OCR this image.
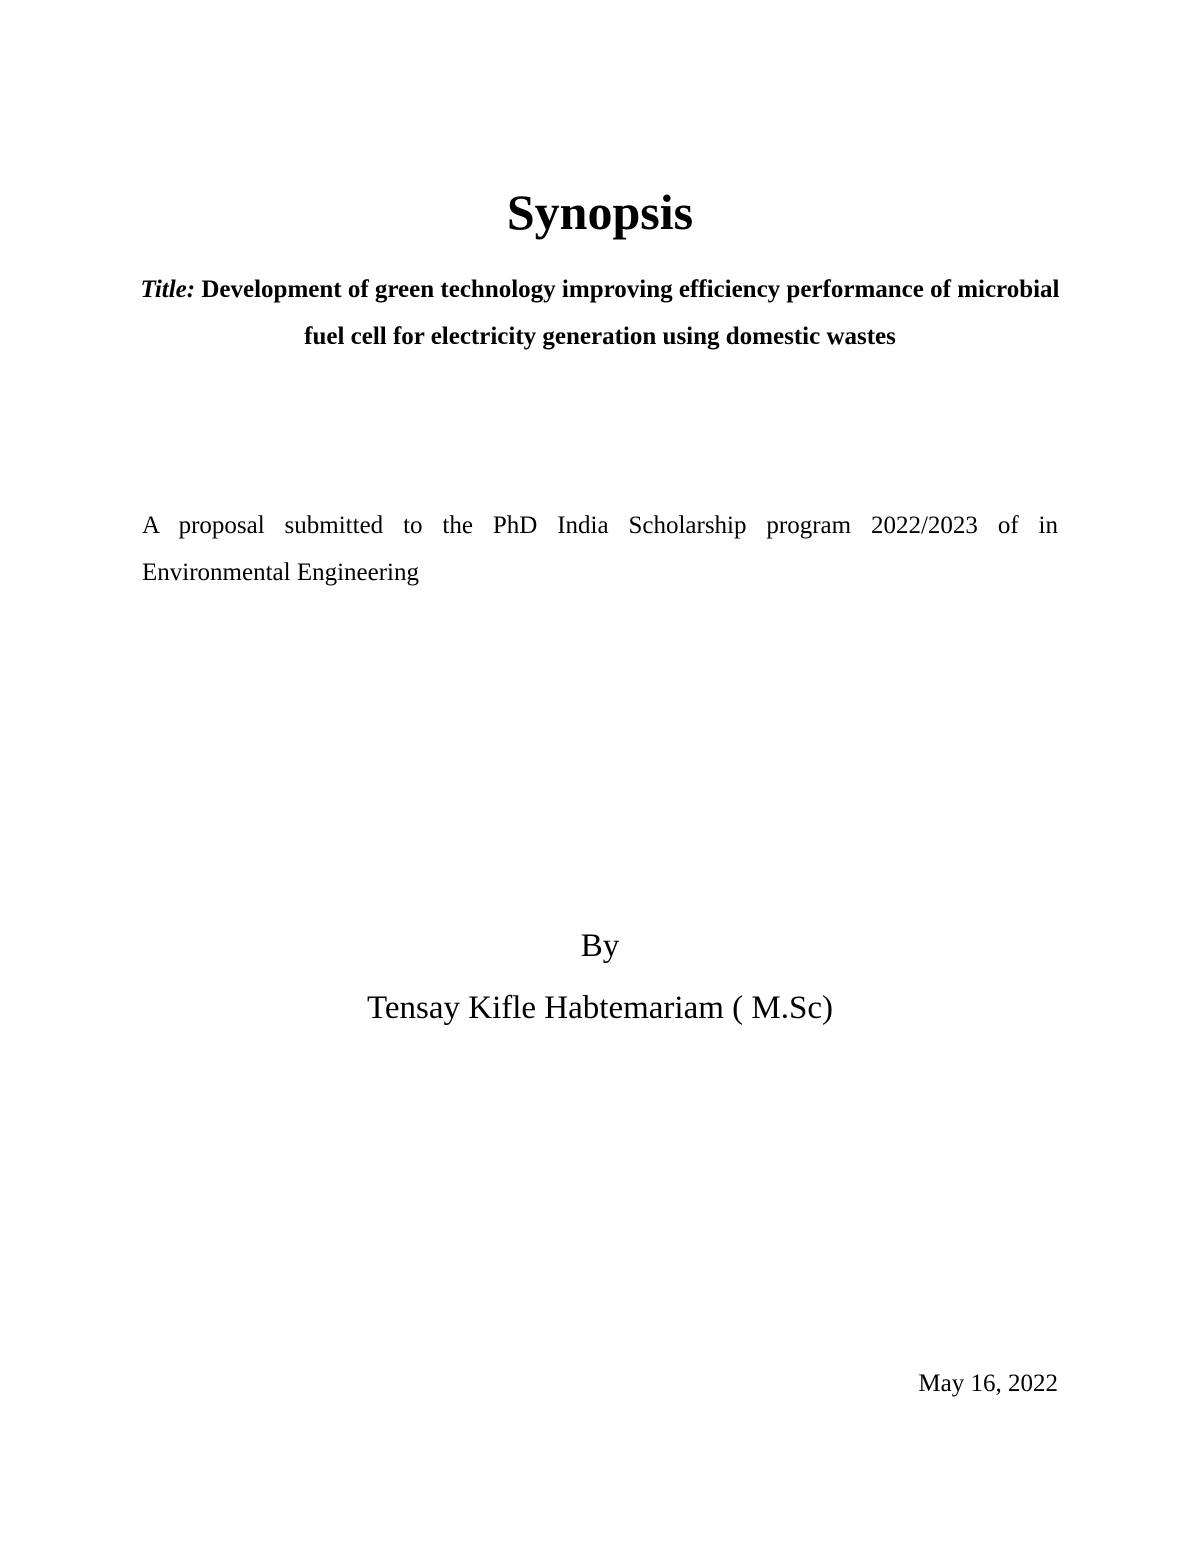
Synopsis
Title: Development of green technology improving efficiency performance of microbial fuel cell for electricity generation using domestic wastes
A proposal submitted to the PhD India Scholarship program 2022/2023 of in Environmental Engineering
By
Tensay Kifle Habtemariam ( M.Sc)
May 16, 2022
